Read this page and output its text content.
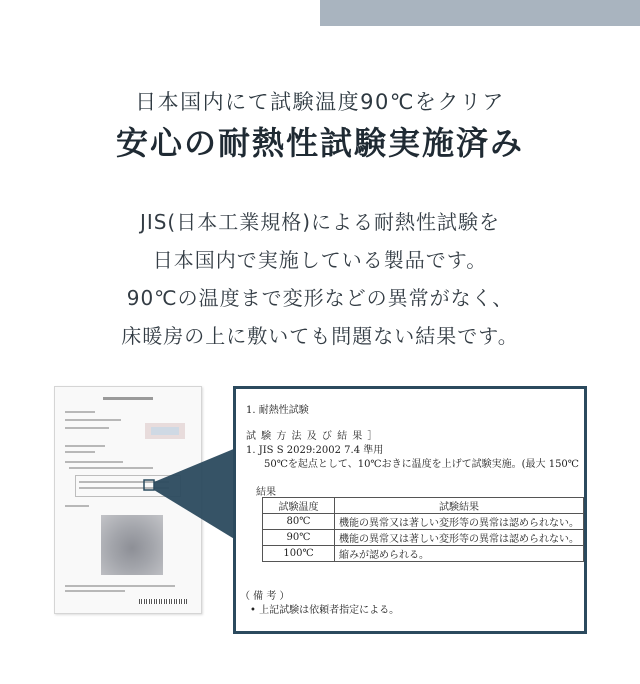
日本国内にて試験温度90℃をクリア
安心の耐熱性試験実施済み
JIS(日本工業規格)による耐熱性試験を
日本国内で実施している製品です。
90℃の温度まで変形などの異常がなく、
床暖房の上に敷いても問題ない結果です。
1. 耐熱性試験
試 験 方 法 及 び 結 果 ］
1. JIS S 2029:2002 7.4 準用
50℃を起点として、10℃おきに温度を上げて試験実施。(最大 150℃
結果
試験温度	試験結果
80℃	機能の異常又は著しい変形等の異常は認められない。
90℃	機能の異常又は著しい変形等の異常は認められない。
100℃	縮みが認められる。
（ 備 考 ）
• 上記試験は依頼者指定による。
